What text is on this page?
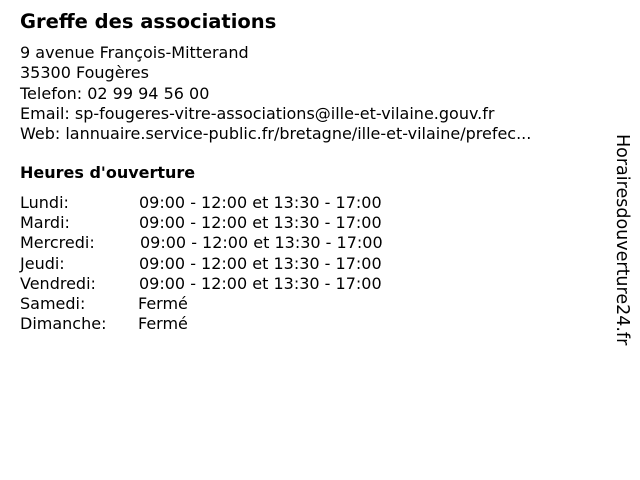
Greffe des associations
9 avenue François-Mitterand
35300 Fougères
Telefon: 02 99 94 56 00
Email: sp-fougeres-vitre-associations@ille-et-vilaine.gouv.fr
Web: lannuaire.service-public.fr/bretagne/ille-et-vilaine/prefec...
Heures d'ouverture
Lundi:	09:00 - 12:00 et 13:30 - 17:00
Mardi:	09:00 - 12:00 et 13:30 - 17:00
Mercredi:	09:00 - 12:00 et 13:30 - 17:00
Jeudi:	09:00 - 12:00 et 13:30 - 17:00
Vendredi:	09:00 - 12:00 et 13:30 - 17:00
Samedi:	Fermé
Dimanche: Fermé	Horairesdouverture24.fr
